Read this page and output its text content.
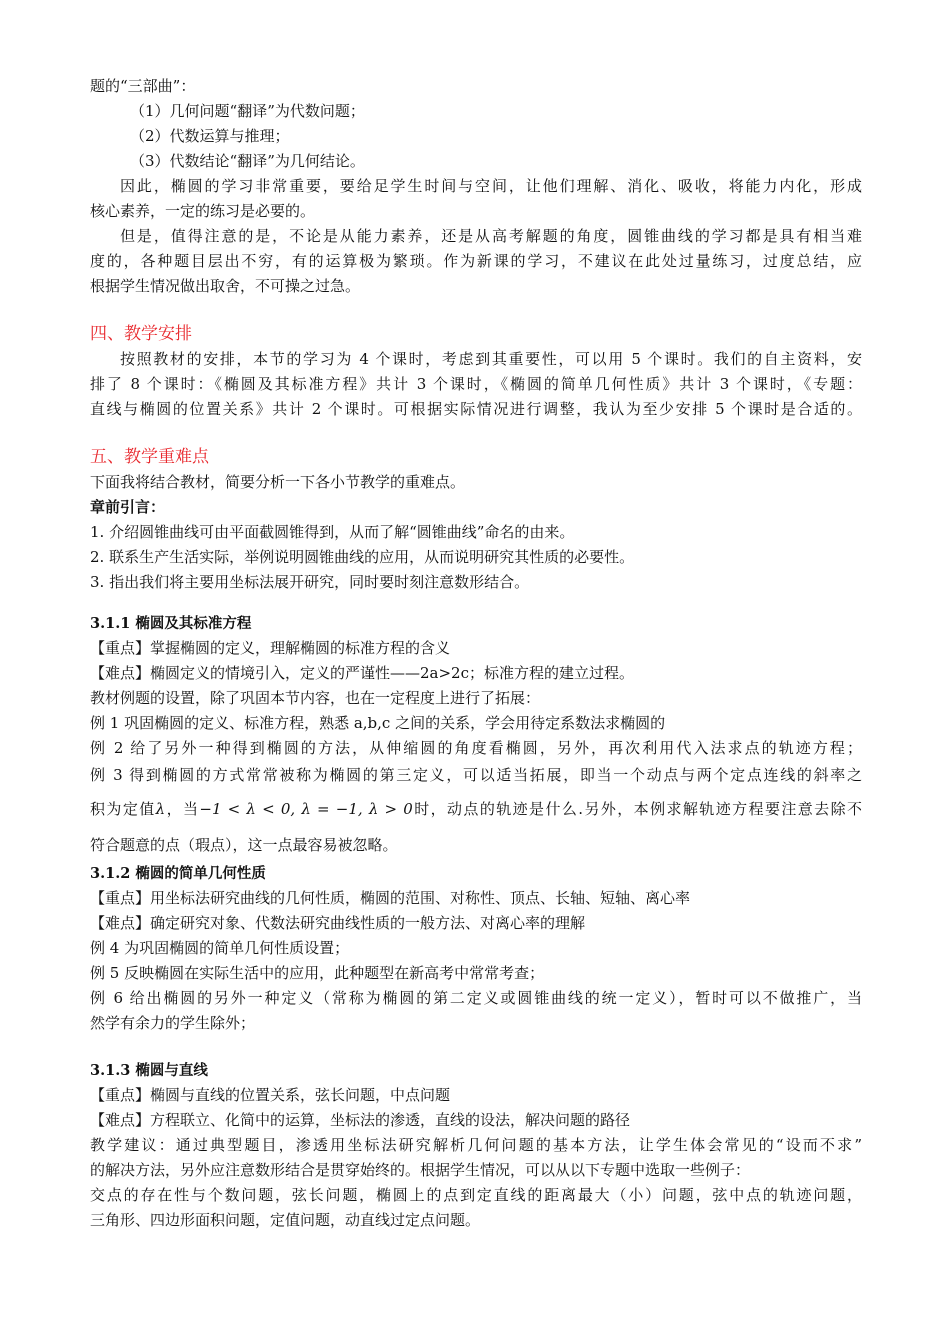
题的“三部曲”：
（1）几何问题“翻译”为代数问题；
（2）代数运算与推理；
（3）代数结论“翻译”为几何结论。
因此，椭圆的学习非常重要，要给足学生时间与空间，让他们理解、消化、吸收，将能力内化，形成
核心素养，一定的练习是必要的。
但是，值得注意的是，不论是从能力素养，还是从高考解题的角度，圆锥曲线的学习都是具有相当难
度的，各种题目层出不穷，有的运算极为繁琐。作为新课的学习，不建议在此处过量练习，过度总结，应
根据学生情况做出取舍，不可操之过急。
四、教学安排
按照教材的安排，本节的学习为 4 个课时，考虑到其重要性，可以用 5 个课时。我们的自主资料，安
排了 8 个课时：《椭圆及其标准方程》共计 3 个课时，《椭圆的简单几何性质》共计 3 个课时，《专题：
直线与椭圆的位置关系》共计 2 个课时。可根据实际情况进行调整，我认为至少安排 5 个课时是合适的。
五、教学重难点
下面我将结合教材，简要分析一下各小节教学的重难点。
章前引言：
1. 介绍圆锥曲线可由平面截圆锥得到，从而了解“圆锥曲线”命名的由来。
2. 联系生产生活实际，举例说明圆锥曲线的应用，从而说明研究其性质的必要性。
3. 指出我们将主要用坐标法展开研究，同时要时刻注意数形结合。
3.1.1 椭圆及其标准方程
【重点】掌握椭圆的定义，理解椭圆的标准方程的含义
【难点】椭圆定义的情境引入，定义的严谨性——2a>2c；标准方程的建立过程。
教材例题的设置，除了巩固本节内容，也在一定程度上进行了拓展：
例 1 巩固椭圆的定义、标准方程，熟悉 a,b,c 之间的关系，学会用待定系数法求椭圆的
例 2 给了另外一种得到椭圆的方法，从伸缩圆的角度看椭圆，另外，再次利用代入法求点的轨迹方程；
例 3 得到椭圆的方式常常被称为椭圆的第三定义，可以适当拓展，即当一个动点与两个定点连线的斜率之
积为定值λ，当−1 < λ < 0, λ = −1, λ > 0时，动点的轨迹是什么.另外，本例求解轨迹方程要注意去除不
符合题意的点（瑕点），这一点最容易被忽略。
3.1.2 椭圆的简单几何性质
【重点】用坐标法研究曲线的几何性质，椭圆的范围、对称性、顶点、长轴、短轴、离心率
【难点】确定研究对象、代数法研究曲线性质的一般方法、对离心率的理解
例 4 为巩固椭圆的简单几何性质设置；
例 5 反映椭圆在实际生活中的应用，此种题型在新高考中常常考查；
例 6 给出椭圆的另外一种定义（常称为椭圆的第二定义或圆锥曲线的统一定义），暂时可以不做推广，当
然学有余力的学生除外；
3.1.3 椭圆与直线
【重点】椭圆与直线的位置关系，弦长问题，中点问题
【难点】方程联立、化简中的运算，坐标法的渗透，直线的设法，解决问题的路径
教学建议：通过典型题目，渗透用坐标法研究解析几何问题的基本方法，让学生体会常见的“设而不求”
的解决方法，另外应注意数形结合是贯穿始终的。根据学生情况，可以从以下专题中选取一些例子：
交点的存在性与个数问题，弦长问题，椭圆上的点到定直线的距离最大（小）问题，弦中点的轨迹问题，
三角形、四边形面积问题，定值问题，动直线过定点问题。
